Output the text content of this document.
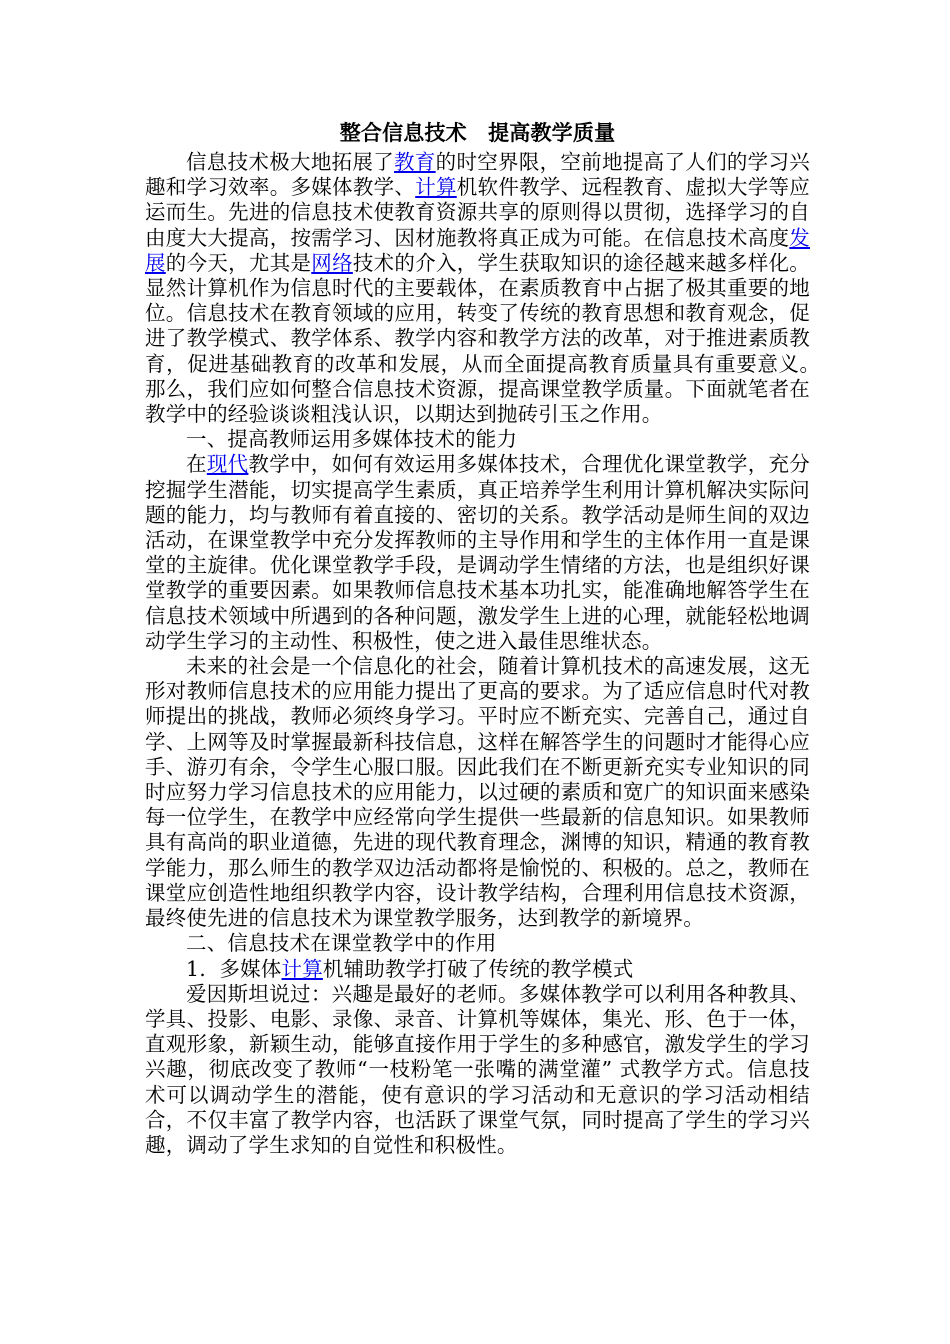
整合信息技术　提高教学质量

信息技术极大地拓展了教育的时空界限，空前地提高了人们的学习兴趣和学习效率。多媒体教学、计算机软件教学、远程教育、虚拟大学等应运而生。先进的信息技术使教育资源共享的原则得以贯彻，选择学习的自由度大大提高，按需学习、因材施教将真正成为可能。在信息技术高度发展的今天，尤其是网络技术的介入，学生获取知识的途径越来越多样化。显然计算机作为信息时代的主要载体，在素质教育中占据了极其重要的地位。信息技术在教育领域的应用，转变了传统的教育思想和教育观念，促进了教学模式、教学体系、教学内容和教学方法的改革，对于推进素质教育，促进基础教育的改革和发展，从而全面提高教育质量具有重要意义。　那么，我们应如何整合信息技术资源，提高课堂教学质量。下面就笔者在教学中的经验谈谈粗浅认识，以期达到抛砖引玉之作用。

一、提高教师运用多媒体技术的能力

在现代教学中，如何有效运用多媒体技术，合理优化课堂教学，充分挖掘学生潜能，切实提高学生素质，真正培养学生利用计算机解决实际问题的能力，均与教师有着直接的、密切的关系。教学活动是师生间的双边活动，在课堂教学中充分发挥教师的主导作用和学生的主体作用一直是课堂的主旋律。优化课堂教学手段，是调动学生情绪的方法，也是组织好课堂教学的重要因素。如果教师信息技术基本功扎实，能准确地解答学生在信息技术领域中所遇到的各种问题，激发学生上进的心理，就能轻松地调动学生学习的主动性、积极性，使之进入最佳思维状态。

未来的社会是一个信息化的社会，随着计算机技术的高速发展，这无形对教师信息技术的应用能力提出了更高的要求。为了适应信息时代对教师提出的挑战，教师必须终身学习。平时应不断充实、完善自己，通过自学、上网等及时掌握最新科技信息，这样在解答学生的问题时才能得心应手、游刃有余，令学生心服口服。因此我们在不断更新充实专业知识的同时应努力学习信息技术的应用能力，以过硬的素质和宽广的知识面来感染每一位学生，在教学中应经常向学生提供一些最新的信息知识。如果教师具有高尚的职业道德，先进的现代教育理念，渊博的知识，精通的教育教学能力，那么师生的教学双边活动都将是愉悦的、积极的。总之，教师在课堂应创造性地组织教学内容，设计教学结构，合理利用信息技术资源，最终使先进的信息技术为课堂教学服务，达到教学的新境界。

二、信息技术在课堂教学中的作用

1.  多媒体计算机辅助教学打破了传统的教学模式

爱因斯坦说过：兴趣是最好的老师。多媒体教学可以利用各种教具、学具、投影、电影、录像、录音、计算机等媒体，集光、形、色于一体，直观形象，新颖生动，能够直接作用于学生的多种感官，激发学生的学习兴趣，彻底改变了教师“一枝粉笔一张嘴的满堂灌” 式教学方式。信息技术可以调动学生的潜能，使有意识的学习活动和无意识的学习活动相结合，不仅丰富了教学内容，也活跃了课堂气氛，同时提高了学生的学习兴趣，调动了学生求知的自觉性和积极性。
